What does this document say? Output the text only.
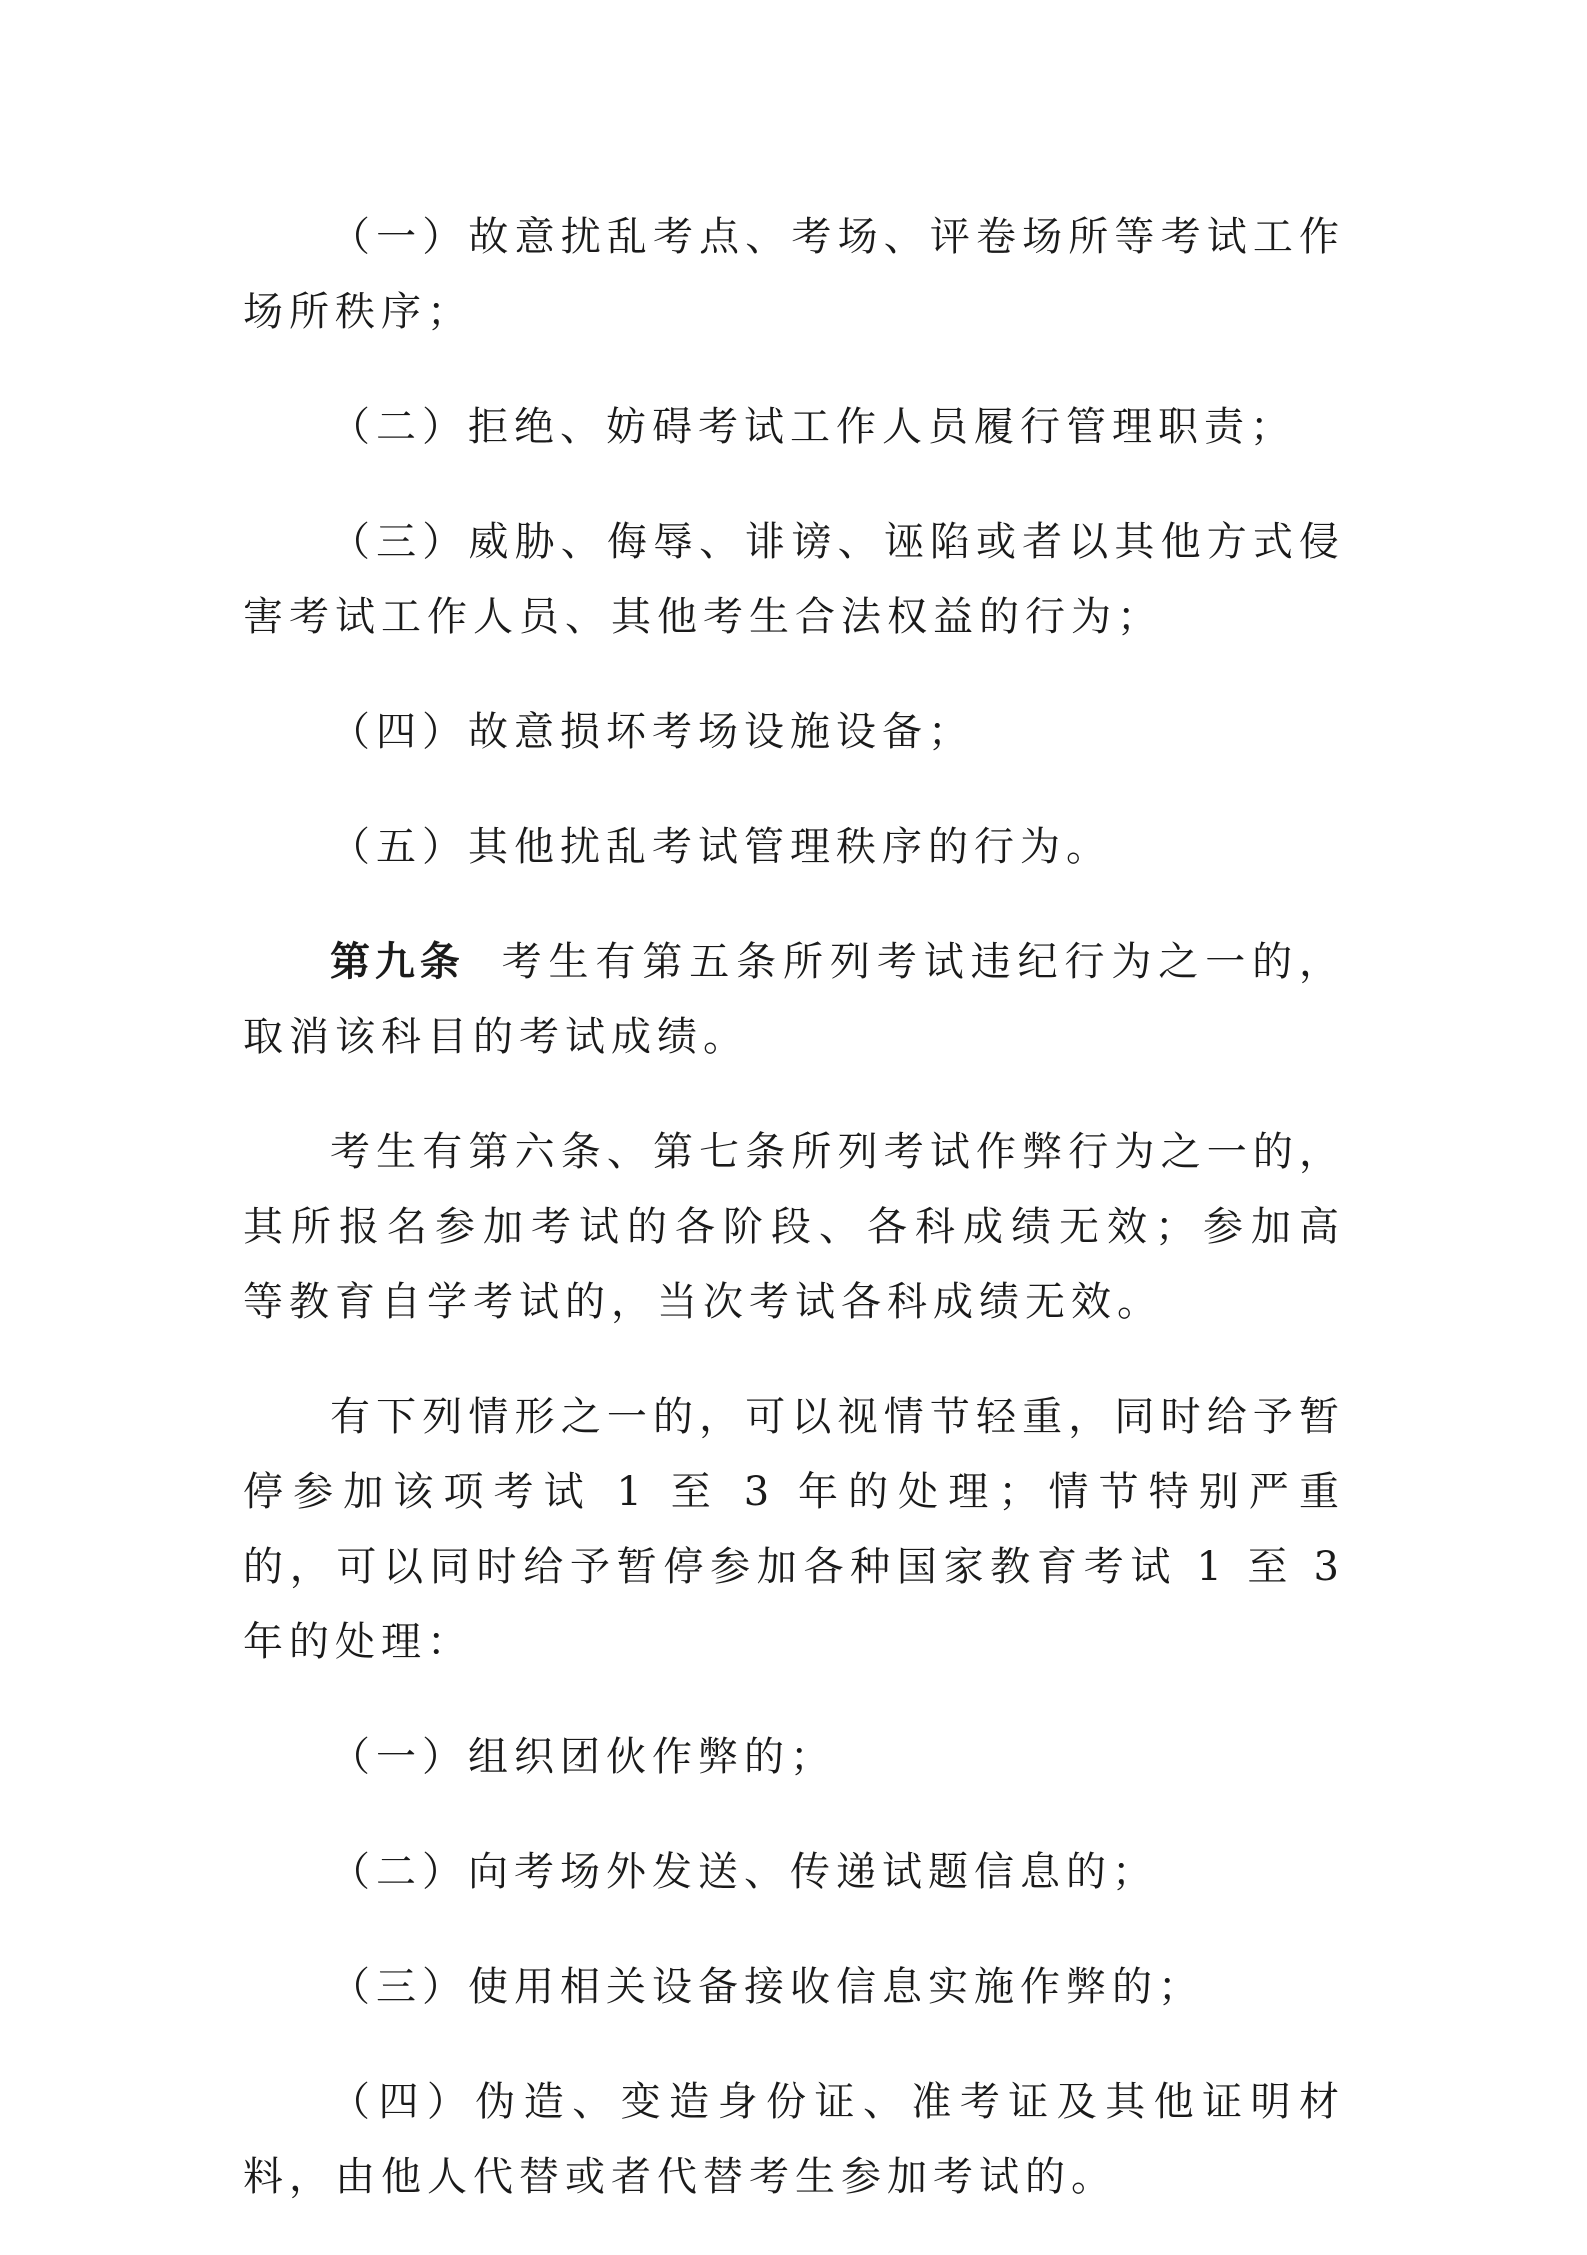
（一）故意扰乱考点、考场、评卷场所等考试工作场所秩序；

（二）拒绝、妨碍考试工作人员履行管理职责；

（三）威胁、侮辱、诽谤、诬陷或者以其他方式侵害考试工作人员、其他考生合法权益的行为；

（四）故意损坏考场设施设备；

（五）其他扰乱考试管理秩序的行为。

第九条 考生有第五条所列考试违纪行为之一的，取消该科目的考试成绩。

考生有第六条、第七条所列考试作弊行为之一的，其所报名参加考试的各阶段、各科成绩无效；参加高等教育自学考试的，当次考试各科成绩无效。

有下列情形之一的，可以视情节轻重，同时给予暂停参加该项考试 1 至 3 年的处理；情节特别严重的，可以同时给予暂停参加各种国家教育考试 1 至 3 年的处理：

（一）组织团伙作弊的；

（二）向考场外发送、传递试题信息的；

（三）使用相关设备接收信息实施作弊的；

（四）伪造、变造身份证、准考证及其他证明材料，由他人代替或者代替考生参加考试的。
